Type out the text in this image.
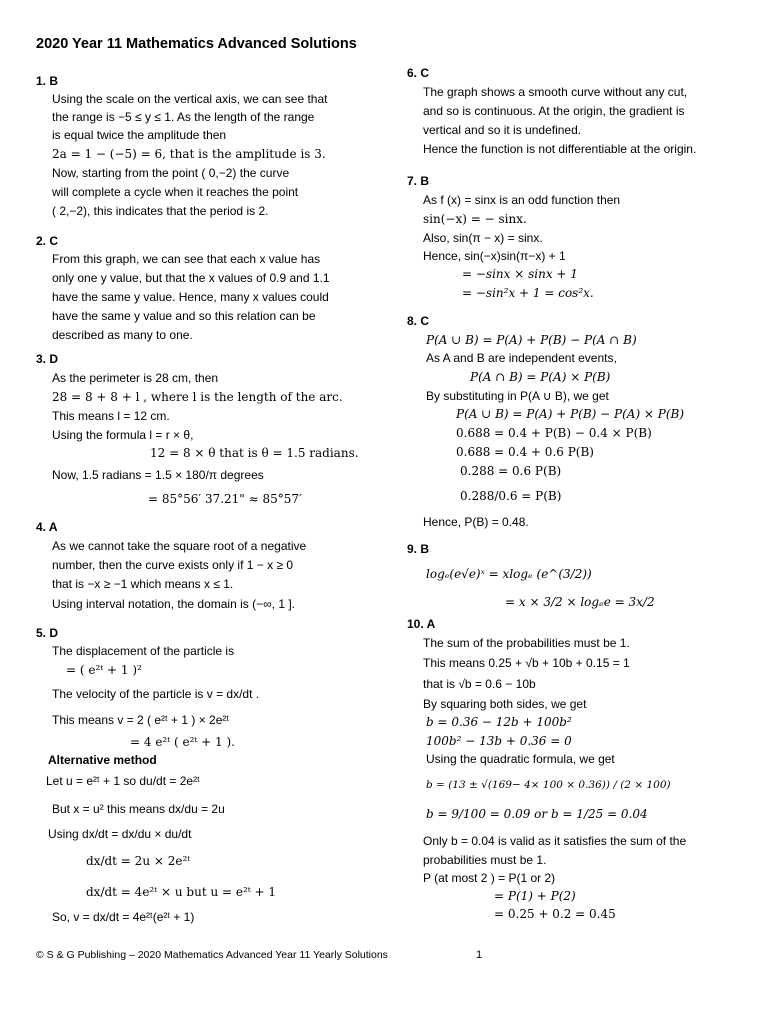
2020 Year 11 Mathematics Advanced Solutions
1. B
Using the scale on the vertical axis, we can see that
the range is −5 ≤ y ≤ 1. As the length of the range
is equal twice the amplitude then
2a = 1 − (−5) = 6, that is the amplitude is 3.
Now, starting from the point ( 0,−2) the curve
will complete a cycle when it reaches the point
( 2,−2), this indicates that the period is 2.
2. C
From this graph, we can see that each x value has
only one y value, but that the x values of 0.9 and 1.1
have the same y value. Hence, many x values could
have the same y value and so this relation can be
described as many to one.
3. D
As the perimeter is 28 cm, then
28 = 8 + 8 + l , where l is the length of the arc.
This means l = 12 cm.
Using the formula l = r × θ,
12 = 8 × θ that is θ = 1.5 radians.
Now, 1.5 radians = 1.5 × 180/π degrees
= 85°56′ 37.21" ≈ 85°57′
4. A
As we cannot take the square root of a negative
number, then the curve exists only if 1 − x ≥ 0
that is −x ≥ −1 which means x ≤ 1.
Using interval notation, the domain is (−∞, 1 ].
5. D
The displacement of the particle is
= ( e²ᵗ + 1 )²
The velocity of the particle is v = dx/dt .
This means v = 2 ( e²ᵗ + 1 ) × 2e²ᵗ
= 4 e²ᵗ ( e²ᵗ + 1 ).
Alternative method
Let u = e²ᵗ + 1 so du/dt = 2e²ᵗ
But x = u² this means dx/du = 2u
Using dx/dt = dx/du × du/dt
dx/dt = 2u × 2e²ᵗ
dx/dt = 4e²ᵗ × u but u = e²ᵗ + 1
So, v = dx/dt = 4e²ᵗ(e²ᵗ + 1)
6. C
The graph shows a smooth curve without any cut,
and so is continuous. At the origin, the gradient is
vertical and so it is undefined.
Hence the function is not differentiable at the origin.
7. B
As f (x) = sinx is an odd function then
sin(−x) = − sinx.
Also, sin(π − x) = sinx.
Hence, sin(−x)sin(π−x) + 1
= −sinx × sinx + 1
= −sin²x + 1 = cos²x.
8. C
P(A ∪ B) = P(A) + P(B) − P(A ∩ B)
As A and B are independent events,
P(A ∩ B) = P(A) × P(B)
By substituting in P(A ∪ B), we get
P(A ∪ B) = P(A) + P(B) − P(A) × P(B)
0.688 = 0.4 + P(B) − 0.4 × P(B)
0.688 = 0.4 + 0.6 P(B)
0.288 = 0.6 P(B)
0.288/0.6 = P(B)
Hence, P(B) = 0.48.
9. B
logₑ(e√e)ˣ = xlogₑ (e^(3/2))
= x × 3/2 × logₑe = 3x/2
10. A
The sum of the probabilities must be 1.
This means 0.25 + √b + 10b + 0.15 = 1
that is √b = 0.6 − 10b
By squaring both sides, we get
b = 0.36 − 12b + 100b²
100b² − 13b + 0.36 = 0
Using the quadratic formula, we get
b = (13 ± √(169− 4× 100 × 0.36)) / (2 × 100)
b = 9/100 = 0.09 or b = 1/25 = 0.04
Only b = 0.04 is valid as it satisfies the sum of the
probabilities must be 1.
P (at most 2 ) = P(1 or 2)
= P(1) + P(2)
= 0.25 + 0.2 = 0.45
© S & G Publishing – 2020 Mathematics Advanced Year 11 Yearly Solutions	1
